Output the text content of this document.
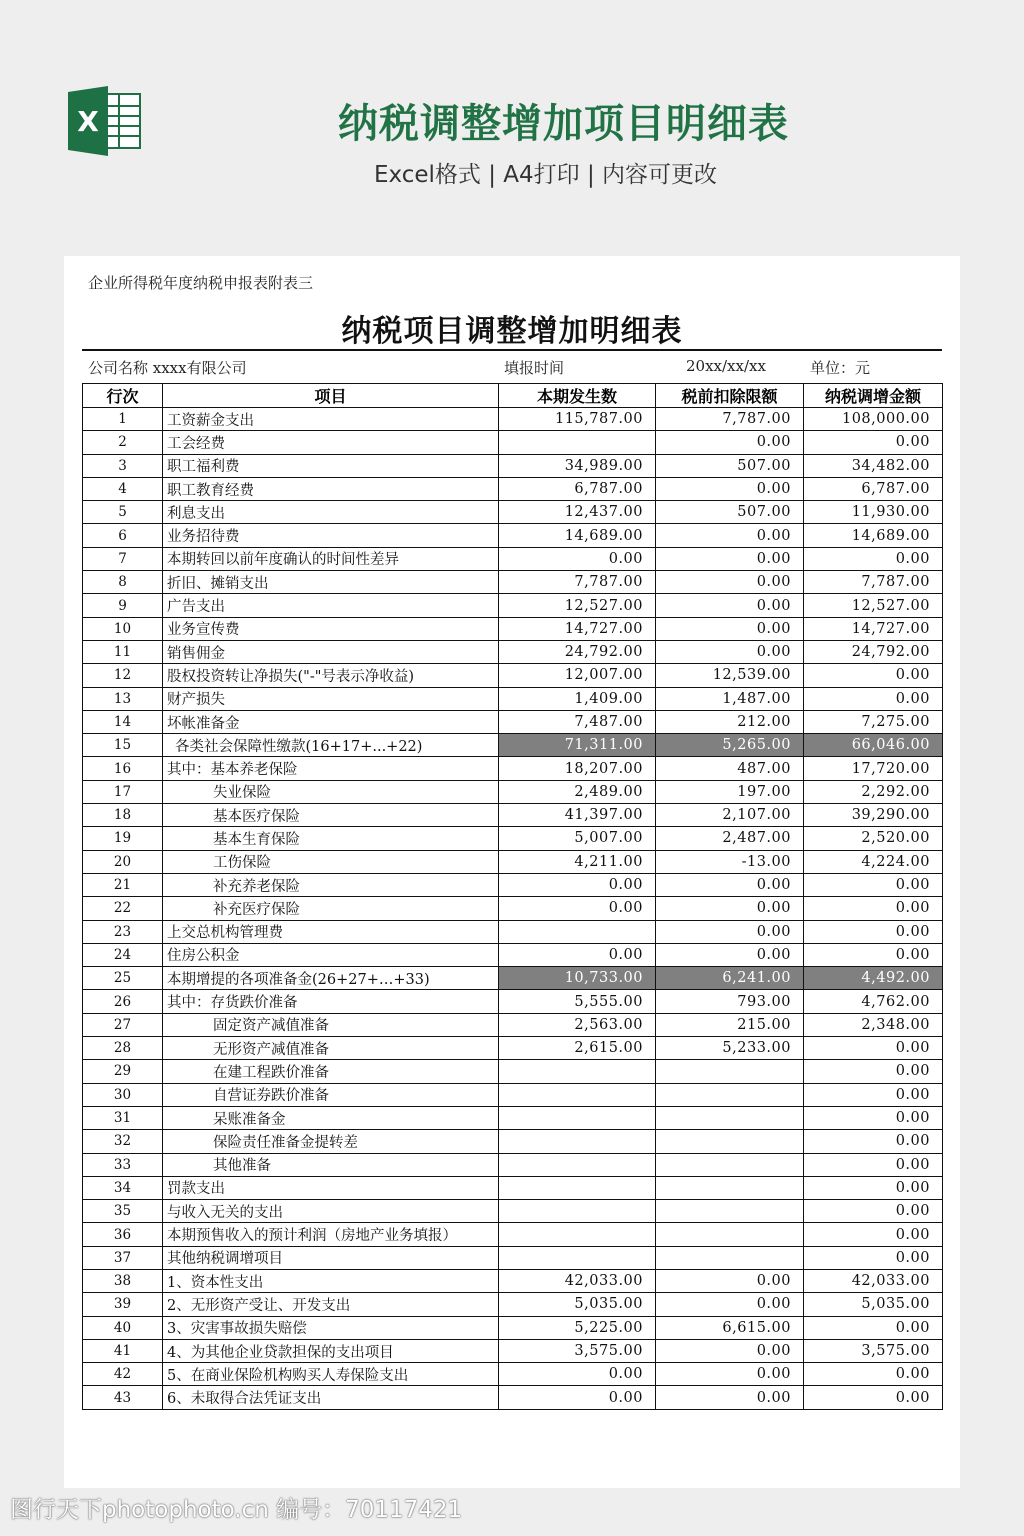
X	纳税调整增加项目明细表
Excel格式 | A4打印 | 内容可更改
企业所得税年度纳税申报表附表三
纳税项目调整增加明细表
公司名称 xxxx有限公司	填报时间	20xx/xx/xx	单位：元
行次	项目	本期发生数	税前扣除限额	纳税调增金额
1	工资薪金支出	115,787.00	7,787.00	108,000.00
2	工会经费		0.00	0.00
3	职工福利费	34,989.00	507.00	34,482.00
4	职工教育经费	6,787.00	0.00	6,787.00
5	利息支出	12,437.00	507.00	11,930.00
6	业务招待费	14,689.00	0.00	14,689.00
7	本期转回以前年度确认的时间性差异	0.00	0.00	0.00
8	折旧、摊销支出	7,787.00	0.00	7,787.00
9	广告支出	12,527.00	0.00	12,527.00
10	业务宣传费	14,727.00	0.00	14,727.00
11	销售佣金	24,792.00	0.00	24,792.00
12	股权投资转让净损失("-"号表示净收益)	12,007.00	12,539.00	0.00
13	财产损失	1,409.00	1,487.00	0.00
14	坏帐准备金	7,487.00	212.00	7,275.00
15	各类社会保障性缴款(16+17+...+22)	71,311.00	5,265.00	66,046.00
16	其中：基本养老保险	18,207.00	487.00	17,720.00
17	失业保险	2,489.00	197.00	2,292.00
18	基本医疗保险	41,397.00	2,107.00	39,290.00
19	基本生育保险	5,007.00	2,487.00	2,520.00
20	工伤保险	4,211.00	-13.00	4,224.00
21	补充养老保险	0.00	0.00	0.00
22	补充医疗保险	0.00	0.00	0.00
23	上交总机构管理费		0.00	0.00
24	住房公积金	0.00	0.00	0.00
25	本期增提的各项准备金(26+27+…+33)	10,733.00	6,241.00	4,492.00
26	其中：存货跌价准备	5,555.00	793.00	4,762.00
27	固定资产减值准备	2,563.00	215.00	2,348.00
28	无形资产减值准备	2,615.00	5,233.00	0.00
29	在建工程跌价准备			0.00
30	自营证券跌价准备			0.00
31	呆账准备金			0.00
32	保险责任准备金提转差			0.00
33	其他准备			0.00
34	罚款支出			0.00
35	与收入无关的支出			0.00
36	本期预售收入的预计利润（房地产业务填报）			0.00
37	其他纳税调增项目			0.00
38	1、资本性支出	42,033.00	0.00	42,033.00
39	2、无形资产受让、开发支出	5,035.00	0.00	5,035.00
40	3、灾害事故损失赔偿	5,225.00	6,615.00	0.00
41	4、为其他企业贷款担保的支出项目	3,575.00	0.00	3,575.00
42	5、在商业保险机构购买人寿保险支出	0.00	0.00	0.00
43	6、未取得合法凭证支出	0.00	0.00	0.00
图行天下photophoto.cn 编号：70117421
